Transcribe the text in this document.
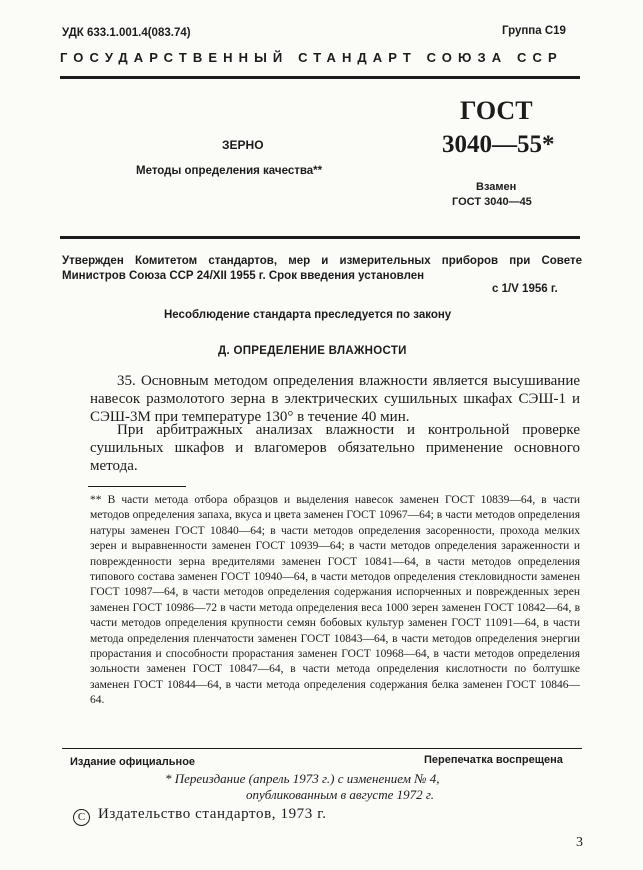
УДК 633.1.001.4(083.74)	Группа С19
ГОСУДАРСТВЕННЫЙ СТАНДАРТ СОЮЗА ССР
ГОСТ
3040—55*
ЗЕРНО
Методы определения качества**
Взамен
ГОСТ 3040—45
Утвержден Комитетом стандартов, мер и измерительных приборов при Совете Министров Союза ССР 24/XII 1955 г. Срок введения установлен
с 1/V 1956 г.
Несоблюдение стандарта преследуется по закону
Д. ОПРЕДЕЛЕНИЕ ВЛАЖНОСТИ

35. Основным методом определения влажности является высушивание навесок размолотого зерна в электрических сушильных шкафах СЭШ-1 и СЭШ-3М при температуре 130° в течение 40 мин.

При арбитражных анализах влажности и контрольной проверке сушильных шкафов и влагомеров обязательно применение основного метода.

** В части метода отбора образцов и выделения навесок заменен ГОСТ 10839—64, в части методов определения запаха, вкуса и цвета заменен ГОСТ 10967—64; в части методов определения натуры заменен ГОСТ 10840—64; в части методов определения засоренности, прохода мелких зерен и выравненности заменен ГОСТ 10939—64; в части методов определения зараженности и поврежденности зерна вредителями заменен ГОСТ 10841—64, в части методов определения типового состава заменен ГОСТ 10940—64, в части методов определения стекловидности заменен ГОСТ 10987—64, в части методов определения содержания испорченных и поврежденных зерен заменен ГОСТ 10986—72 в части метода определения веса 1000 зерен заменен ГОСТ 10842—64, в части методов определения крупности семян бобовых культур заменен ГОСТ 11091—64, в части метода определения пленчатости заменен ГОСТ 10843—64, в части методов определения энергии прорастания и способности прорастания заменен ГОСТ 10968—64, в части методов определения зольности заменен ГОСТ 10847—64, в части метода определения кислотности по болтушке заменен ГОСТ 10844—64, в части метода определения содержания белка заменен ГОСТ 10846—64.

Издание официальное	Перепечатка воспрещена
* Переиздание (апрель 1973 г.) с изменением № 4,
опубликованным в августе 1972 г.
C Издательство стандартов, 1973 г.
3
